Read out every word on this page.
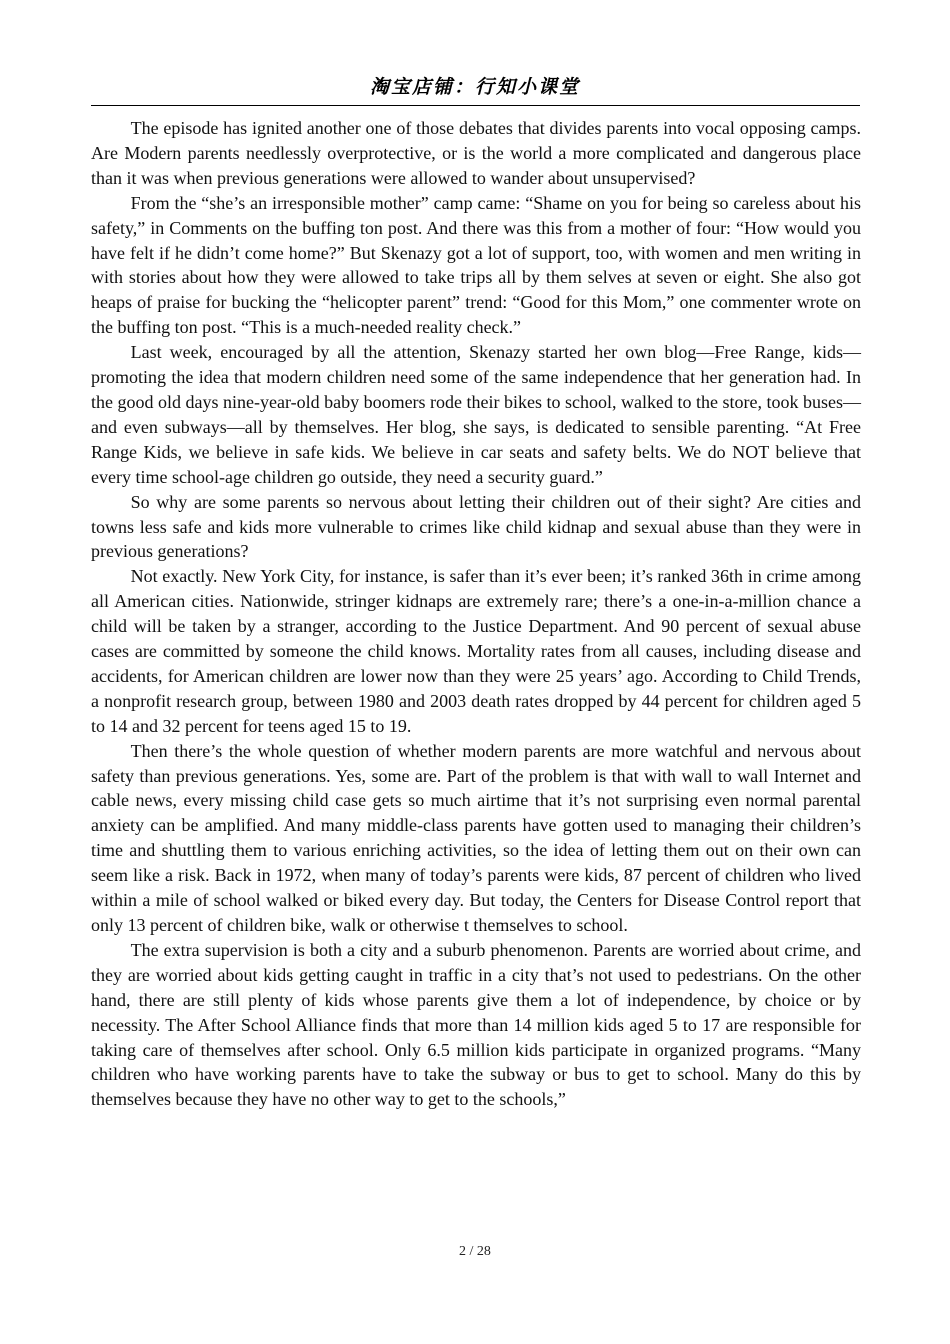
淘宝店铺：行知小课堂

The episode has ignited another one of those debates that divides parents into vocal opposing camps. Are Modern parents needlessly overprotective, or is the world a more complicated and dangerous place than it was when previous generations were allowed to wander about unsupervised?

From the “she’s an irresponsible mother” camp came: “Shame on you for being so careless about his safety,” in Comments on the buffing ton post. And there was this from a mother of four: “How would you have felt if he didn’t come home?” But Skenazy got a lot of support, too, with women and men writing in with stories about how they were allowed to take trips all by them selves at seven or eight. She also got heaps of praise for bucking the “helicopter parent” trend: “Good for this Mom,” one commenter wrote on the buffing ton post. “This is a much-needed reality check.”

Last week, encouraged by all the attention, Skenazy started her own blog—Free Range, kids—promoting the idea that modern children need some of the same independence that her generation had. In the good old days nine-year-old baby boomers rode their bikes to school, walked to the store, took buses—and even subways—all by themselves. Her blog, she says, is dedicated to sensible parenting. “At Free Range Kids, we believe in safe kids. We believe in car seats and safety belts. We do NOT believe that every time school-age children go outside, they need a security guard.”

So why are some parents so nervous about letting their children out of their sight? Are cities and towns less safe and kids more vulnerable to crimes like child kidnap and sexual abuse than they were in previous generations?

Not exactly. New York City, for instance, is safer than it’s ever been; it’s ranked 36th in crime among all American cities. Nationwide, stringer kidnaps are extremely rare; there’s a one-in-a-million chance a child will be taken by a stranger, according to the Justice Department. And 90 percent of sexual abuse cases are committed by someone the child knows. Mortality rates from all causes, including disease and accidents, for American children are lower now than they were 25 years’ ago. According to Child Trends, a nonprofit research group, between 1980 and 2003 death rates dropped by 44 percent for children aged 5 to 14 and 32 percent for teens aged 15 to 19.

Then there’s the whole question of whether modern parents are more watchful and nervous about safety than previous generations. Yes, some are. Part of the problem is that with wall to wall Internet and cable news, every missing child case gets so much airtime that it’s not surprising even normal parental anxiety can be amplified. And many middle-class parents have gotten used to managing their children’s time and shuttling them to various enriching activities, so the idea of letting them out on their own can seem like a risk. Back in 1972, when many of today’s parents were kids, 87 percent of children who lived within a mile of school walked or biked every day. But today, the Centers for Disease Control report that only 13 percent of children bike, walk or otherwise t themselves to school.

The extra supervision is both a city and a suburb phenomenon. Parents are worried about crime, and they are worried about kids getting caught in traffic in a city that’s not used to pedestrians. On the other hand, there are still plenty of kids whose parents give them a lot of independence, by choice or by necessity. The After School Alliance finds that more than 14 million kids aged 5 to 17 are responsible for taking care of themselves after school. Only 6.5 million kids participate in organized programs. “Many children who have working parents have to take the subway or bus to get to school. Many do this by themselves because they have no other way to get to the schools,”

2 / 28
